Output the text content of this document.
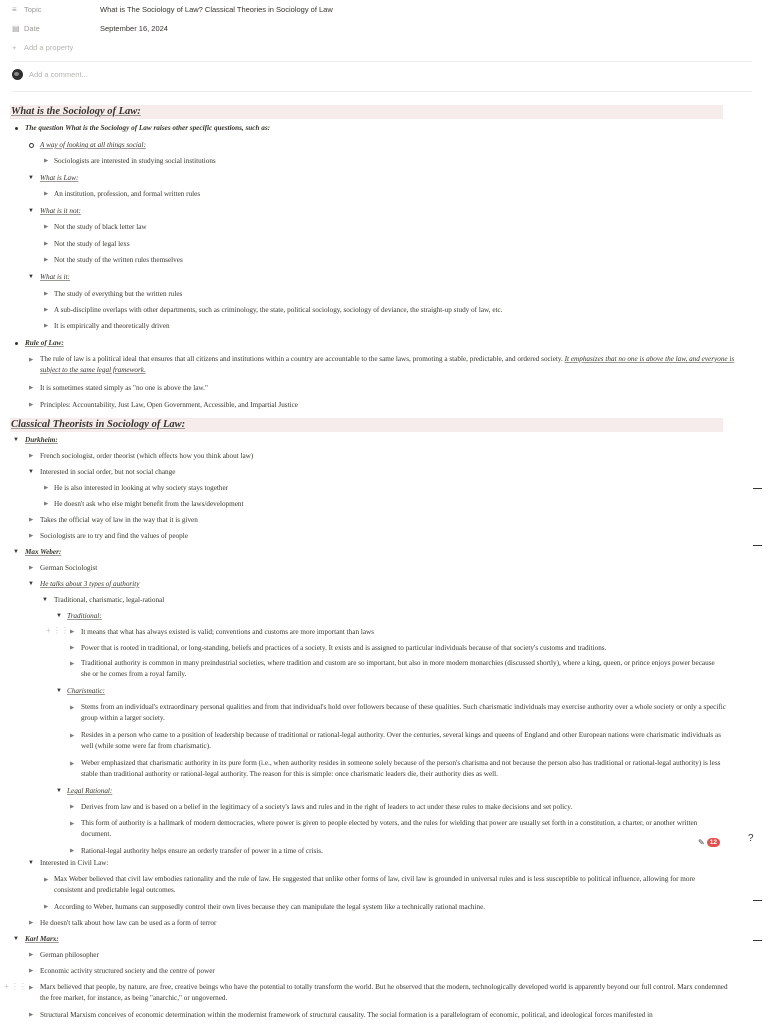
≡ Topic	What is The Sociology of Law? Classical Theories in Sociology of Law
▤ Date	September 16, 2024
+	Add a property
Add a comment...
What is the Sociology of Law:
The question What is the Sociology of Law raises other specific questions, such as:
A way of looking at all things social:
▶ Sociologists are interested in studying social institutions
▼ What is Law:
▶ An institution, profession, and formal written rules
▼ What is it not:
▶ Not the study of black letter law
▶ Not the study of legal lexs
▶ Not the study of the written rules themselves
▼ What is it:
▶ The study of everything but the written rules
▶ A sub-discipline overlaps with other departments, such as criminology, the state, political sociology, sociology of deviance, the straight-up study of law, etc.
▶ It is empirically and theoretically driven
Rule of Law:
▶ The rule of law is a political ideal that ensures that all citizens and institutions within a country are accountable to the same laws, promoting a stable, predictable, and ordered society. It emphasizes that no one is above the law, and everyone is subject to the same legal framework.
▶ It is sometimes stated simply as "no one is above the law."
▶ Principles: Accountability, Just Law, Open Government, Accessible, and Impartial Justice
Classical Theorists in Sociology of Law:
▼ Durkheim:
▶ French sociologist, order theorist (which effects how you think about law)
▼ Interested in social order, but not social change
▶ He is also interested in looking at why society stays together
▶ He doesn't ask who else might benefit from the laws/development
▶ Takes the official way of law in the way that it is given
▶ Sociologists are to try and find the values of people
▼ Max Weber:
▶ German Sociologist
▼ He talks about 3 types of authority
▼ Traditional, charismatic, legal-rational
▼ Traditional:
+ ⋮⋮ ▶ It means that what has always existed is valid; conventions and customs are more important than laws
▶ Power that is rooted in traditional, or long-standing, beliefs and practices of a society. It exists and is assigned to particular individuals because of that society's customs and traditions.
▶ Traditional authority is common in many preindustrial societies, where tradition and custom are so important, but also in more modern monarchies (discussed shortly), where a king, queen, or prince enjoys power because she or he comes from a royal family.
▼ Charismatic:
▶ Stems from an individual's extraordinary personal qualities and from that individual's hold over followers because of these qualities. Such charismatic individuals may exercise authority over a whole society or only a specific group within a larger society.
▶ Resides in a person who came to a position of leadership because of traditional or rational-legal authority. Over the centuries, several kings and queens of England and other European nations were charismatic individuals as well (while some were far from charismatic).
▶ Weber emphasized that charismatic authority in its pure form (i.e., when authority resides in someone solely because of the person's charisma and not because the person also has traditional or rational-legal authority) is less stable than traditional authority or rational-legal authority. The reason for this is simple: once charismatic leaders die, their authority dies as well.
▼ Legal Rational:
▶ Derives from law and is based on a belief in the legitimacy of a society's laws and rules and in the right of leaders to act under these rules to make decisions and set policy.
▶ This form of authority is a hallmark of modern democracies, where power is given to people elected by voters, and the rules for wielding that power are usually set forth in a constitution, a charter, or another written document.
▶ Rational-legal authority helps ensure an orderly transfer of power in a time of crisis.
▼ Interested in Civil Law:
▶ Max Weber believed that civil law embodies rationality and the rule of law. He suggested that unlike other forms of law, civil law is grounded in universal rules and is less susceptible to political influence, allowing for more consistent and predictable legal outcomes.
▶ According to Weber, humans can supposedly control their own lives because they can manipulate the legal system like a technically rational machine.
▶ He doesn't talk about how law can be used as a form of terror
▼ Karl Marx:
▶ German philosopher
▶ Economic activity structured society and the centre of power
+ ⋮⋮ ▶ Marx believed that people, by nature, are free, creative beings who have the potential to totally transform the world. But he observed that the modern, technologically developed world is apparently beyond our full control. Marx condemned the free market, for instance, as being "anarchic," or ungoverned.
▶ Structural Marxism conceives of economic determination within the modernist framework of structural causality. The social formation is a parallelogram of economic, political, and ideological forces manifested in
✎ 12	?
